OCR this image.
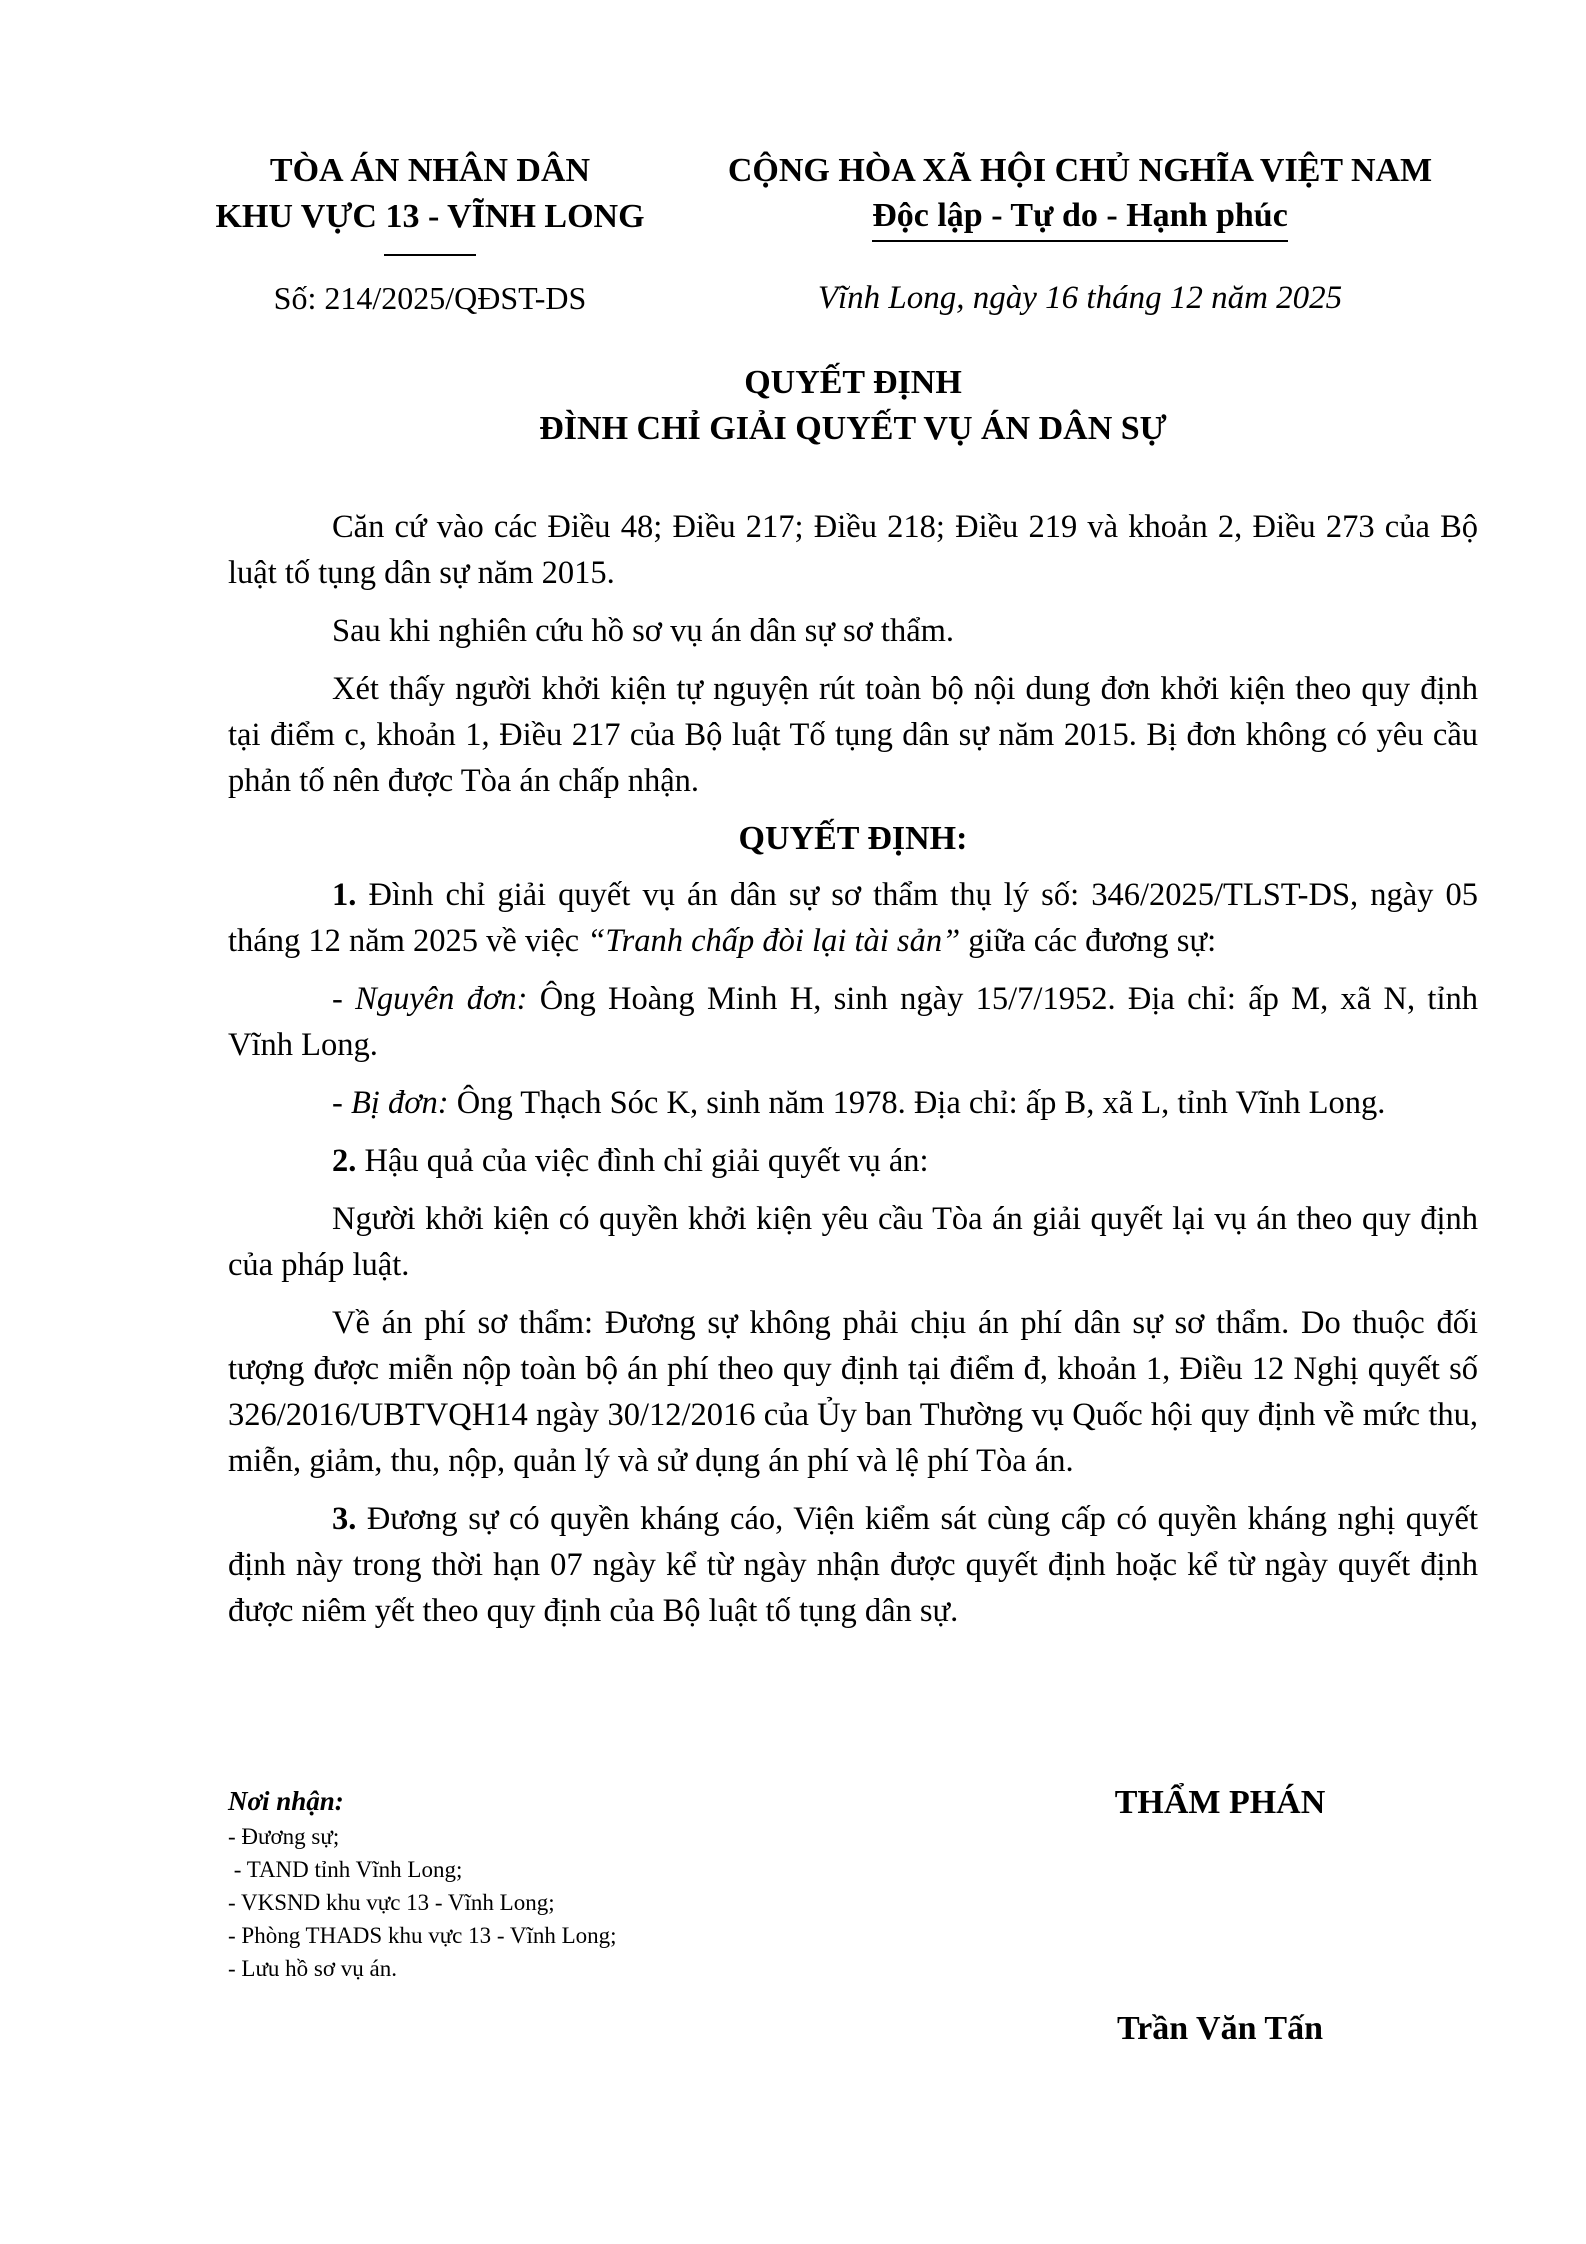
TÒA ÁN NHÂN DÂN
KHU VỰC 13 - VĨNH LONG
CỘNG HÒA XÃ HỘI CHỦ NGHĨA VIỆT NAM
Độc lập - Tự do - Hạnh phúc
Số: 214/2025/QĐST-DS	Vĩnh Long, ngày 16 tháng 12 năm 2025
QUYẾT ĐỊNH
ĐÌNH CHỈ GIẢI QUYẾT VỤ ÁN DÂN SỰ

Căn cứ vào các Điều 48; Điều 217; Điều 218; Điều 219 và khoản 2, Điều 273 của Bộ luật tố tụng dân sự năm 2015.

Sau khi nghiên cứu hồ sơ vụ án dân sự sơ thẩm.

Xét thấy người khởi kiện tự nguyện rút toàn bộ nội dung đơn khởi kiện theo quy định tại điểm c, khoản 1, Điều 217 của Bộ luật Tố tụng dân sự năm 2015. Bị đơn không có yêu cầu phản tố nên được Tòa án chấp nhận.

QUYẾT ĐỊNH:

1. Đình chỉ giải quyết vụ án dân sự sơ thẩm thụ lý số: 346/2025/TLST-DS, ngày 05 tháng 12 năm 2025 về việc “Tranh chấp đòi lại tài sản” giữa các đương sự:

- Nguyên đơn: Ông Hoàng Minh H, sinh ngày 15/7/1952. Địa chỉ: ấp M, xã N, tỉnh Vĩnh Long.

- Bị đơn: Ông Thạch Sóc K, sinh năm 1978. Địa chỉ: ấp B, xã L, tỉnh Vĩnh Long.

2. Hậu quả của việc đình chỉ giải quyết vụ án:

Người khởi kiện có quyền khởi kiện yêu cầu Tòa án giải quyết lại vụ án theo quy định của pháp luật.

Về án phí sơ thẩm: Đương sự không phải chịu án phí dân sự sơ thẩm. Do thuộc đối tượng được miễn nộp toàn bộ án phí theo quy định tại điểm đ, khoản 1, Điều 12 Nghị quyết số 326/2016/UBTVQH14 ngày 30/12/2016 của Ủy ban Thường vụ Quốc hội quy định về mức thu, miễn, giảm, thu, nộp, quản lý và sử dụng án phí và lệ phí Tòa án.

3. Đương sự có quyền kháng cáo, Viện kiểm sát cùng cấp có quyền kháng nghị quyết định này trong thời hạn 07 ngày kể từ ngày nhận được quyết định hoặc kể từ ngày quyết định được niêm yết theo quy định của Bộ luật tố tụng dân sự.

Nơi nhận:
- Đương sự;
- TAND tỉnh Vĩnh Long;
- VKSND khu vực 13 - Vĩnh Long;
- Phòng THADS khu vực 13 - Vĩnh Long;
- Lưu hồ sơ vụ án.
THẨM PHÁN
Trần Văn Tấn
